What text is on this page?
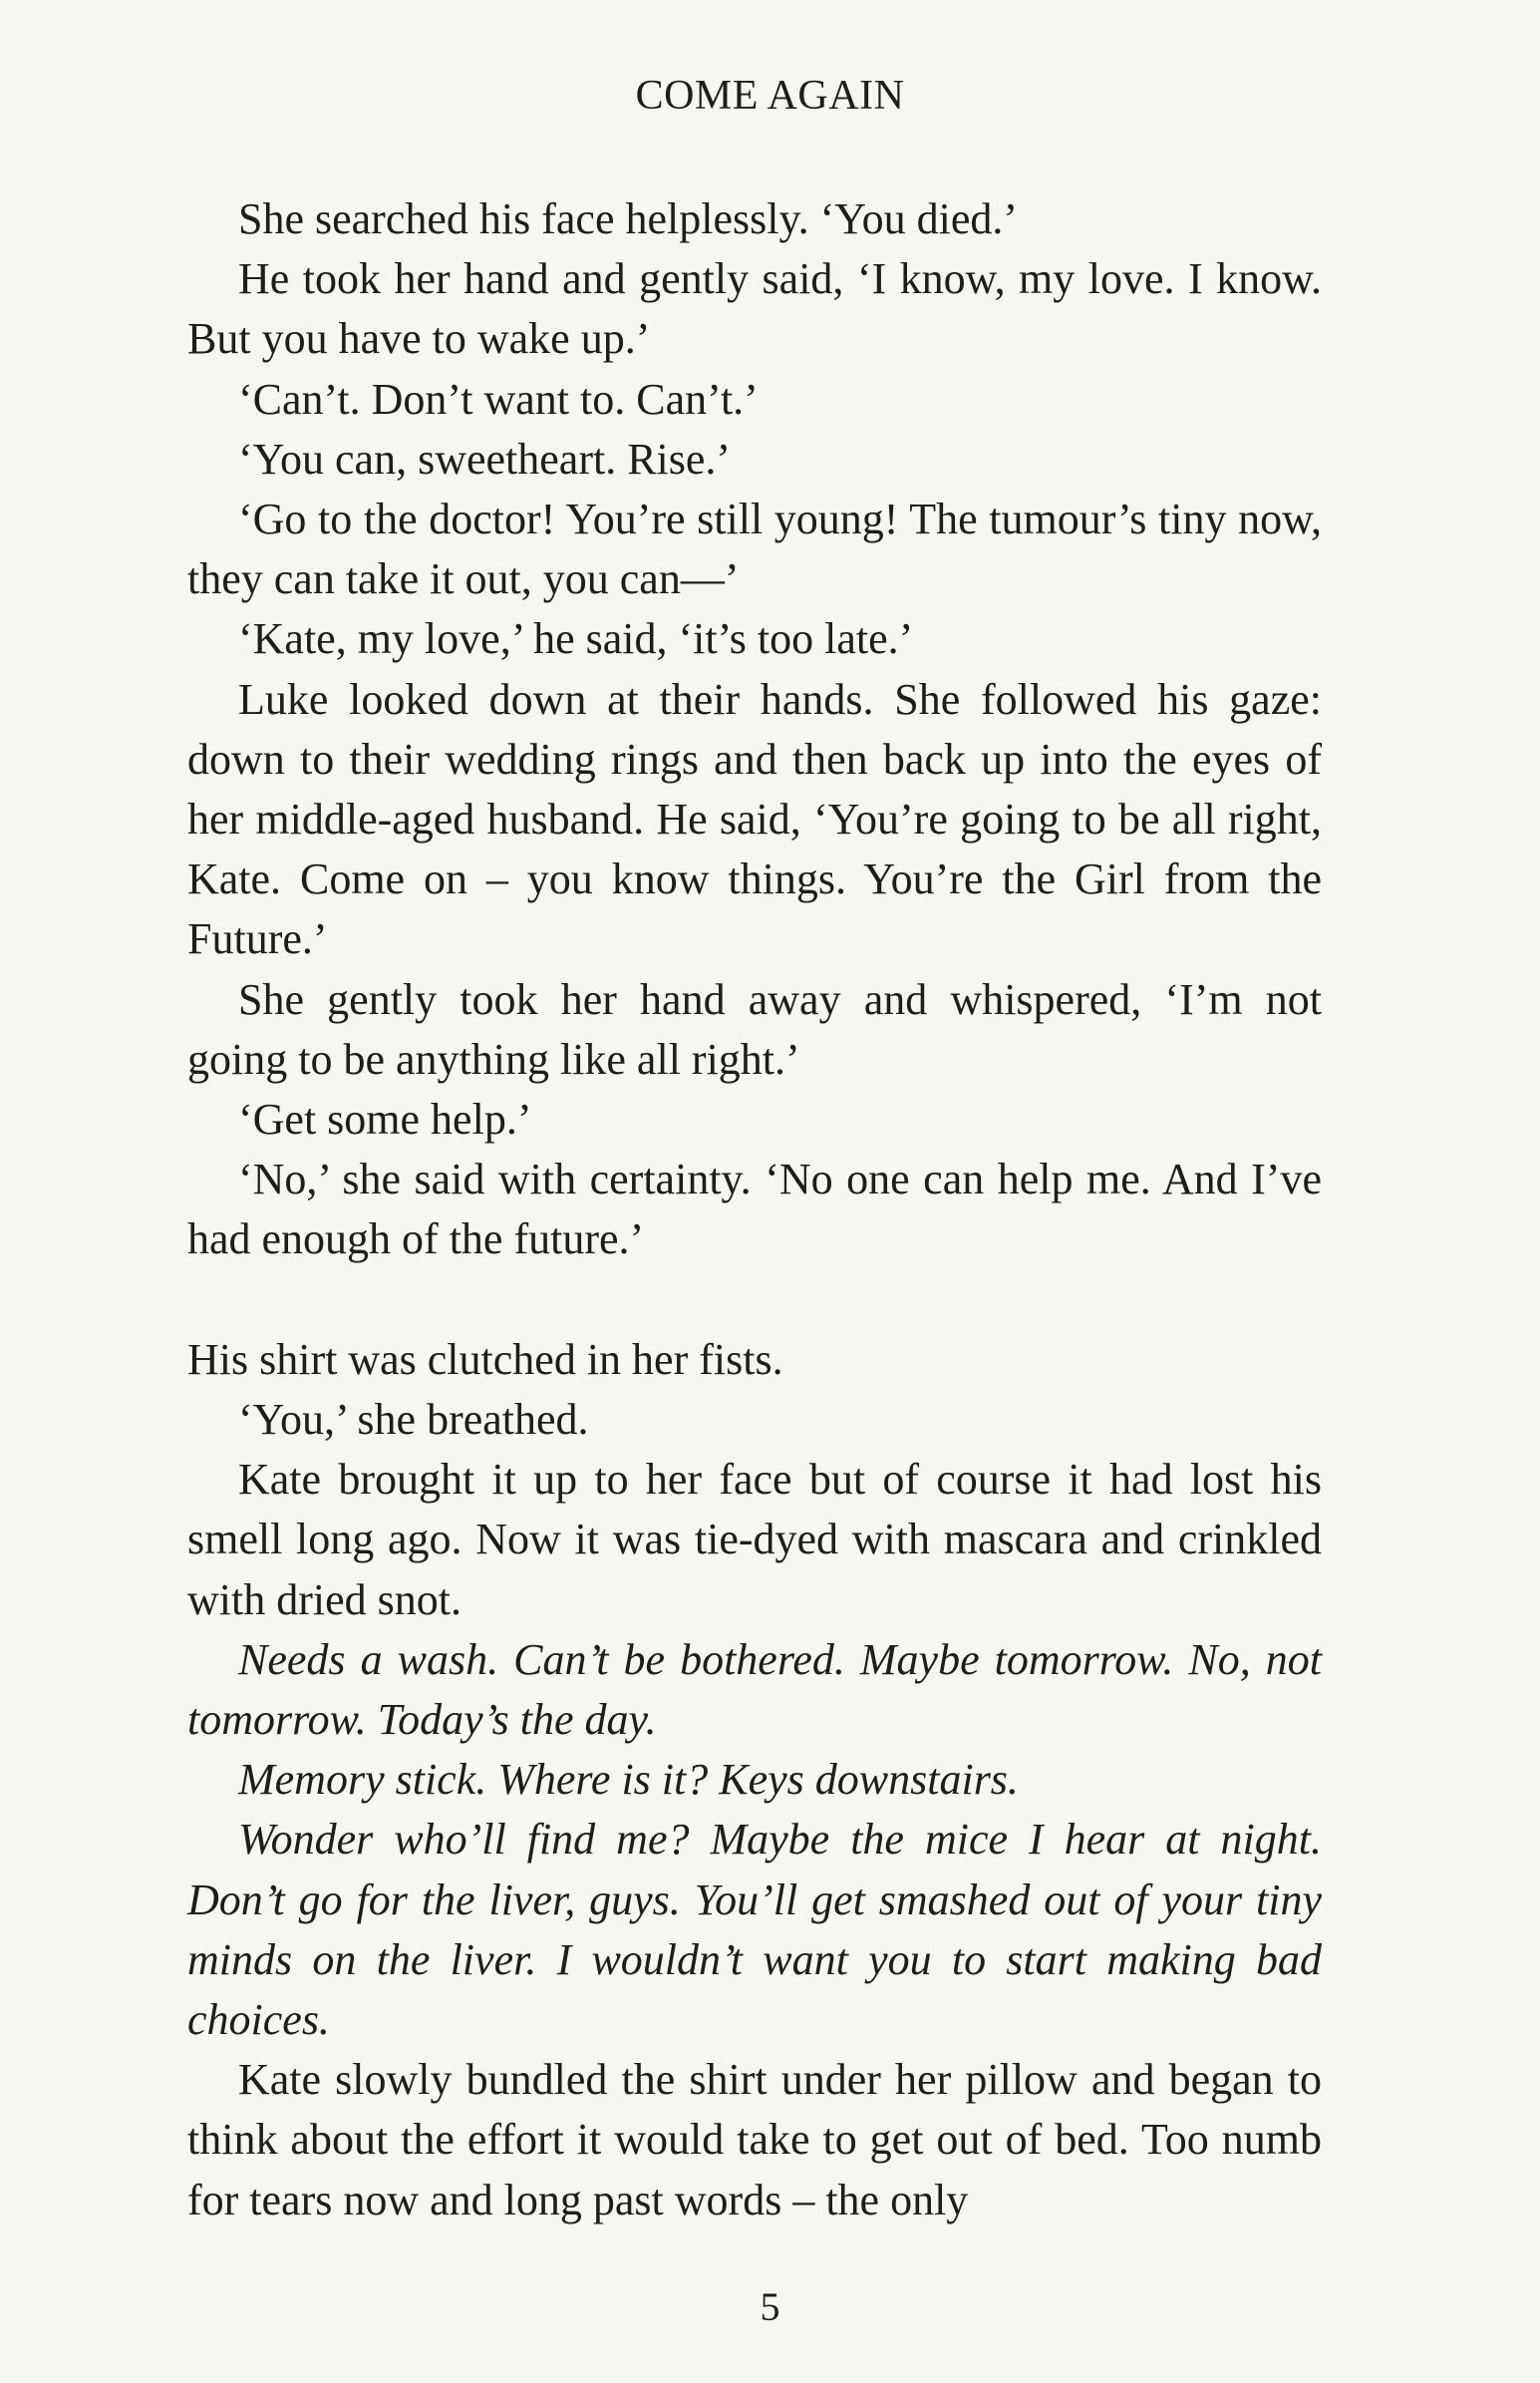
COME AGAIN

She searched his face helplessly. ‘You died.’

He took her hand and gently said, ‘I know, my love. I know. But you have to wake up.’

‘Can’t. Don’t want to. Can’t.’

‘You can, sweetheart. Rise.’

‘Go to the doctor! You’re still young! The tumour’s tiny now, they can take it out, you can—’

‘Kate, my love,’ he said, ‘it’s too late.’

Luke looked down at their hands. She followed his gaze: down to their wedding rings and then back up into the eyes of her middle-aged husband. He said, ‘You’re going to be all right, Kate. Come on – you know things. You’re the Girl from the Future.’

She gently took her hand away and whispered, ‘I’m not going to be anything like all right.’

‘Get some help.’

‘No,’ she said with certainty. ‘No one can help me. And I’ve had enough of the future.’

His shirt was clutched in her fists.

‘You,’ she breathed.

Kate brought it up to her face but of course it had lost his smell long ago. Now it was tie-dyed with mascara and crinkled with dried snot.

Needs a wash. Can’t be bothered. Maybe tomorrow. No, not tomorrow. Today’s the day.

Memory stick. Where is it? Keys downstairs.

Wonder who’ll find me? Maybe the mice I hear at night. Don’t go for the liver, guys. You’ll get smashed out of your tiny minds on the liver. I wouldn’t want you to start making bad choices.

Kate slowly bundled the shirt under her pillow and began to think about the effort it would take to get out of bed. Too numb for tears now and long past words – the only

5
